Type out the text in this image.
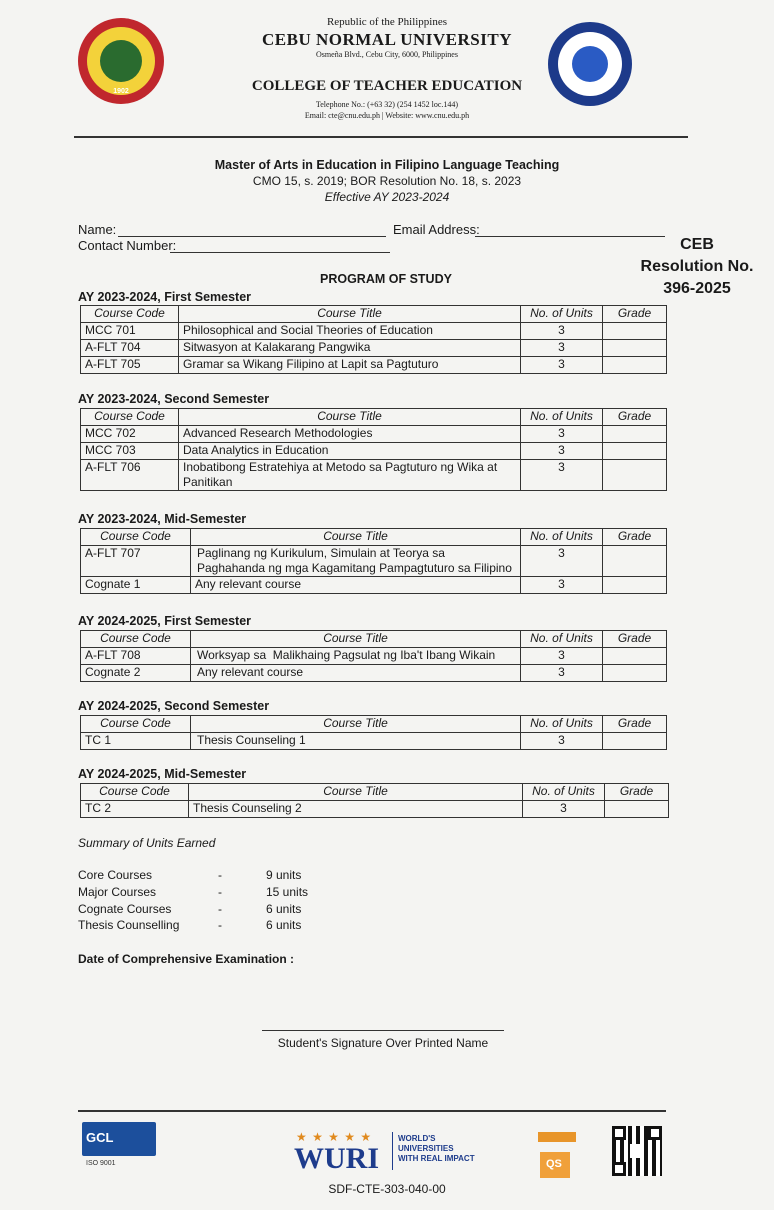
1902
Republic of the Philippines
CEBU NORMAL UNIVERSITY
Osmeña Blvd., Cebu City, 6000, Philippines
COLLEGE OF TEACHER EDUCATION
Telephone No.: (+63 32) (254 1452 loc.144)
Email: cte@cnu.edu.ph | Website: www.cnu.edu.ph
Master of Arts in Education in Filipino Language Teaching
CMO 15, s. 2019; BOR Resolution No. 18, s. 2023
Effective AY 2023-2024
Name:	Email Address:
Contact Number:	CEB
Resolution No.
396-2025
PROGRAM OF STUDY
AY 2023-2024, First Semester
Course Code	Course Title	No. of Units	Grade
MCC 701	Philosophical and Social Theories of Education	3	
A-FLT 704	Sitwasyon at Kalakarang Pangwika	3	
A-FLT 705	Gramar sa Wikang Filipino at Lapit sa Pagtuturo	3	
AY 2023-2024, Second Semester
Course Code	Course Title	No. of Units	Grade
MCC 702	Advanced Research Methodologies	3	
MCC 703	Data Analytics in Education	3	
A-FLT 706	Inobatibong Estratehiya at Metodo sa Pagtuturo ng Wika at Panitikan	3	
AY 2023-2024, Mid-Semester
Course Code	Course Title	No. of Units	Grade
A-FLT 707	Paglinang ng Kurikulum, Simulain at Teorya sa Paghahanda ng mga Kagamitang Pampagtuturo sa Filipino	3	
Cognate 1	Any relevant course	3	
AY 2024-2025, First Semester
Course Code	Course Title	No. of Units	Grade
A-FLT 708	Worksyap sa  Malikhaing Pagsulat ng Iba't Ibang Wikain	3	
Cognate 2	Any relevant course	3	
AY 2024-2025, Second Semester
Course Code	Course Title	No. of Units	Grade
TC 1	Thesis Counseling 1	3	
AY 2024-2025, Mid-Semester
Course Code	Course Title	No. of Units	Grade
TC 2	Thesis Counseling 2	3	
Summary of Units Earned
Core Courses	-	9 units
Major Courses	-	15 units
Cognate Courses	-	6 units
Thesis Counselling	-	6 units
Date of Comprehensive Examination :
Student's Signature Over Printed Name
GCL
ISO 9001
★ ★ ★ ★ ★
WURI
WORLD'S
UNIVERSITIES
WITH REAL IMPACT	QS
SDF-CTE-303-040-00
